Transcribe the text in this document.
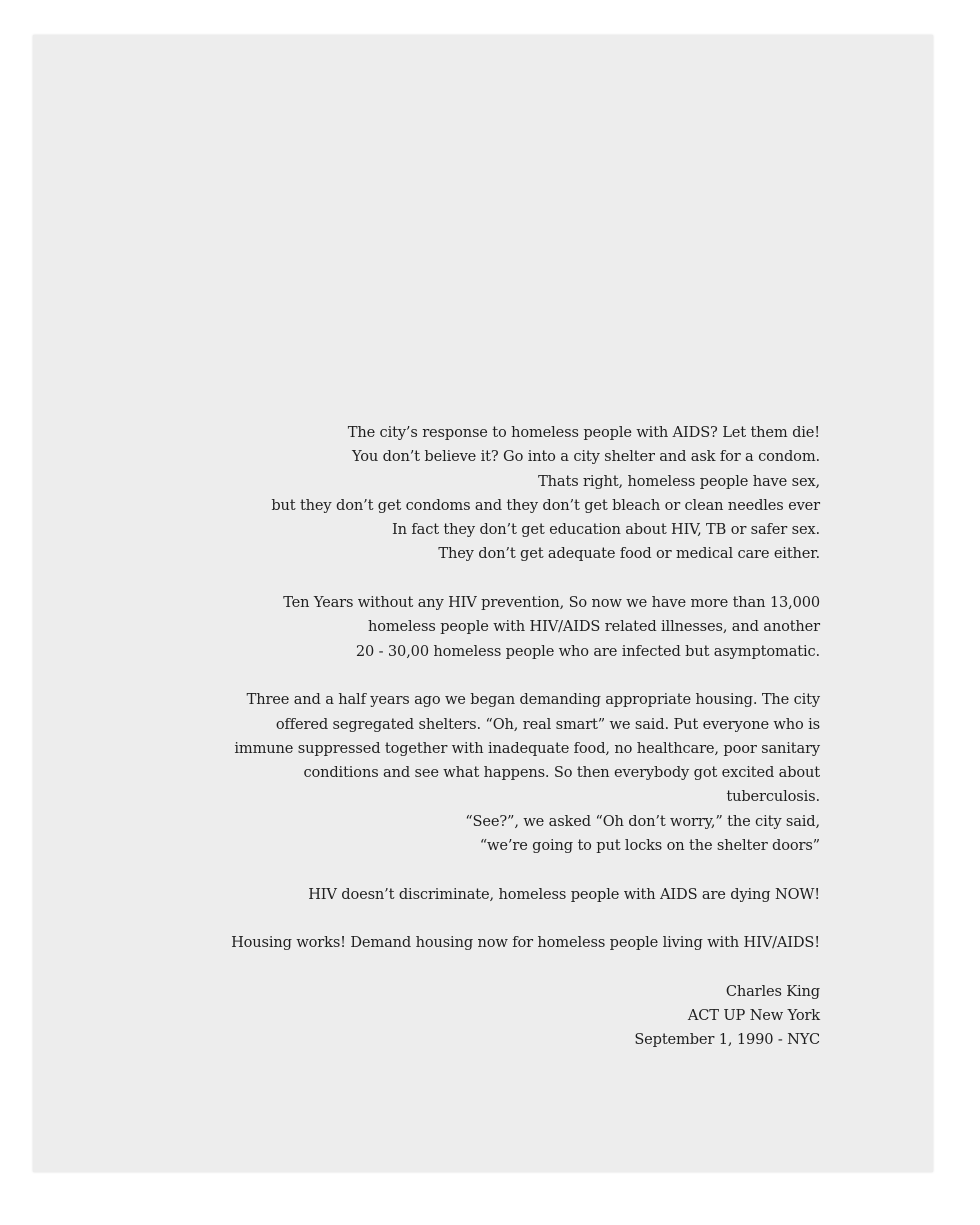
The city’s response to homeless people with AIDS? Let them die!
You don’t believe it? Go into a city shelter and ask for a condom.
Thats right, homeless people have sex,
but they don’t get condoms and they don’t get bleach or clean needles ever
In fact they don’t get education about HIV, TB or safer sex.
They don’t get adequate food or medical care either.
Ten Years without any HIV prevention, So now we have more than 13,000
homeless people with HIV/AIDS related illnesses, and another
20 - 30,00 homeless people who are infected but asymptomatic.
Three and a half years ago we began demanding appropriate housing. The city
offered segregated shelters. “Oh, real smart” we said. Put everyone who is
immune suppressed together with inadequate food, no healthcare, poor sanitary
conditions and see what happens. So then everybody got excited about
tuberculosis.
“See?”, we asked “Oh don’t worry,” the city said,
“we’re going to put locks on the shelter doors”
HIV doesn’t discriminate, homeless people with AIDS are dying NOW!
Housing works! Demand housing now for homeless people living with HIV/AIDS!
Charles King
ACT UP New York
September 1, 1990 - NYC
